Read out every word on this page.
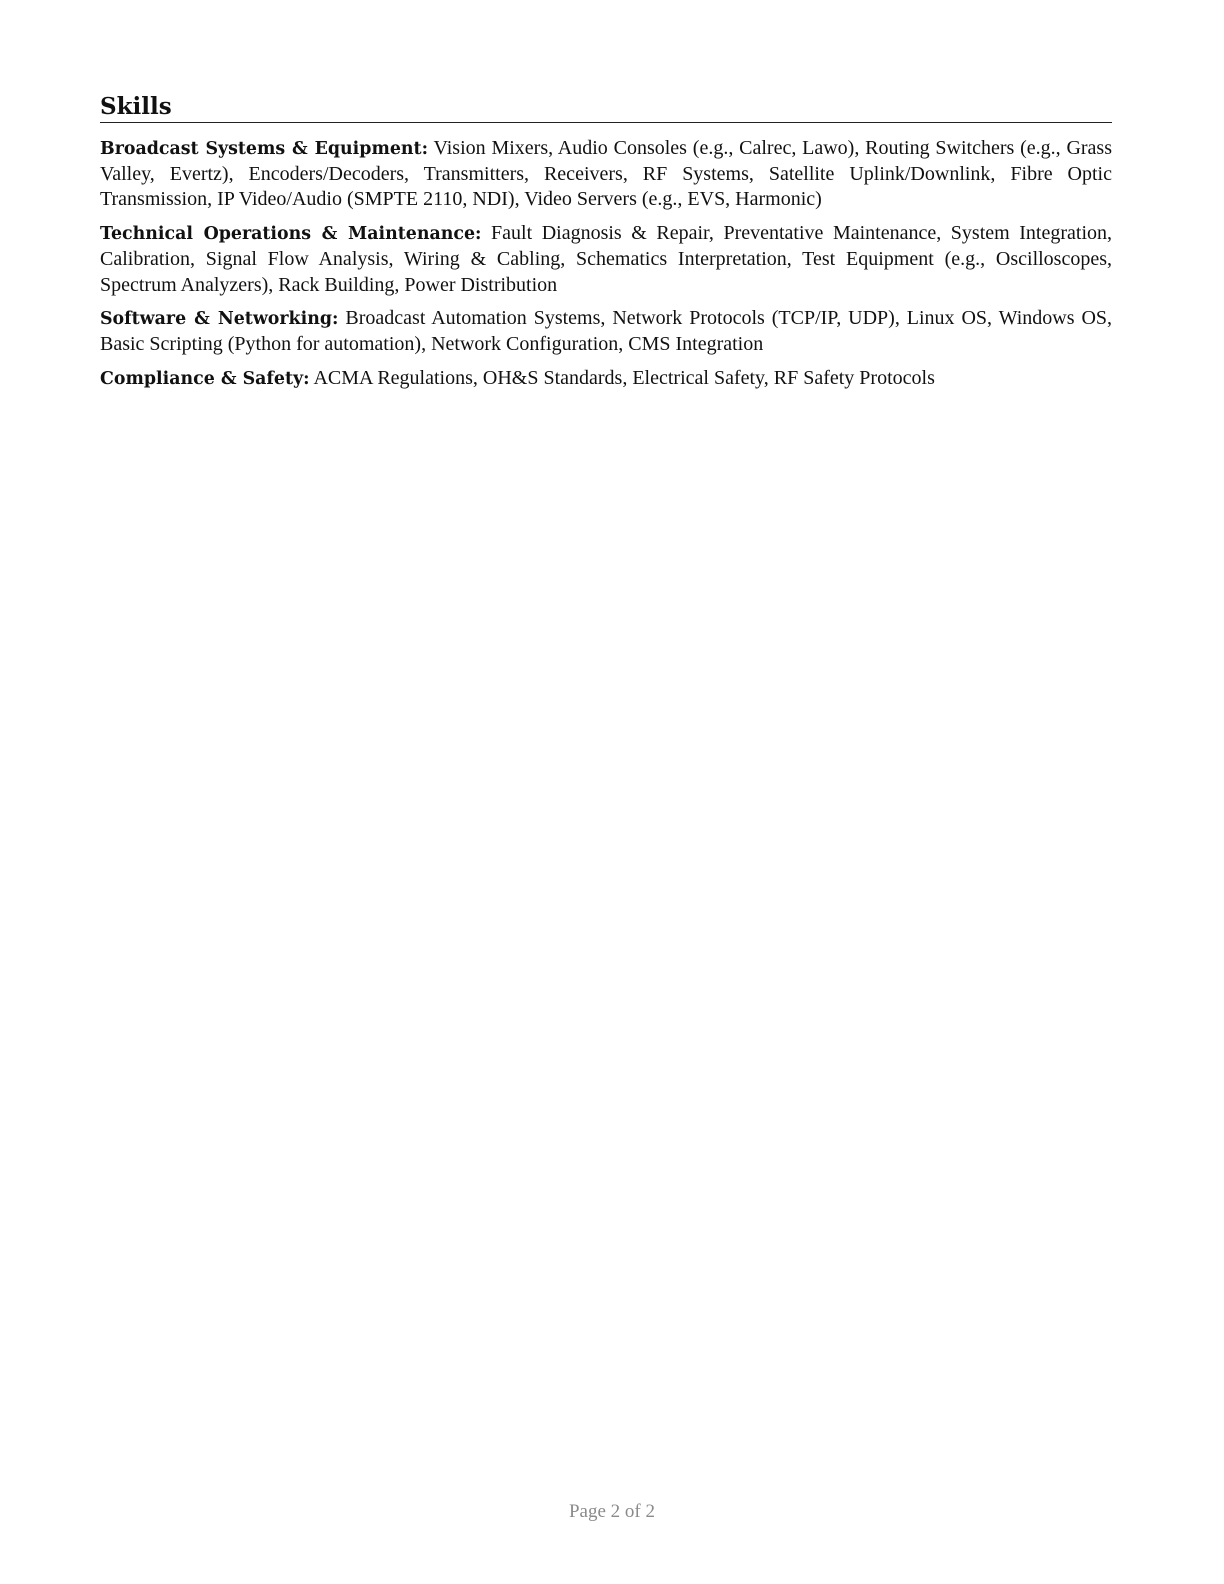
Skills

Broadcast Systems & Equipment: Vision Mixers, Audio Consoles (e.g., Calrec, Lawo), Routing Switchers (e.g., Grass Valley, Evertz), Encoders/Decoders, Transmitters, Receivers, RF Systems, Satellite Uplink/Downlink, Fibre Optic Transmission, IP Video/Audio (SMPTE 2110, NDI), Video Servers (e.g., EVS, Harmonic)

Technical Operations & Maintenance: Fault Diagnosis & Repair, Preventative Maintenance, System Integration, Calibration, Signal Flow Analysis, Wiring & Cabling, Schematics Interpretation, Test Equipment (e.g., Oscilloscopes, Spectrum Analyzers), Rack Building, Power Distribution

Software & Networking: Broadcast Automation Systems, Network Protocols (TCP/IP, UDP), Linux OS, Windows OS, Basic Scripting (Python for automation), Network Configuration, CMS Integration

Compliance & Safety: ACMA Regulations, OH&S Standards, Electrical Safety, RF Safety Protocols

Page 2 of 2
